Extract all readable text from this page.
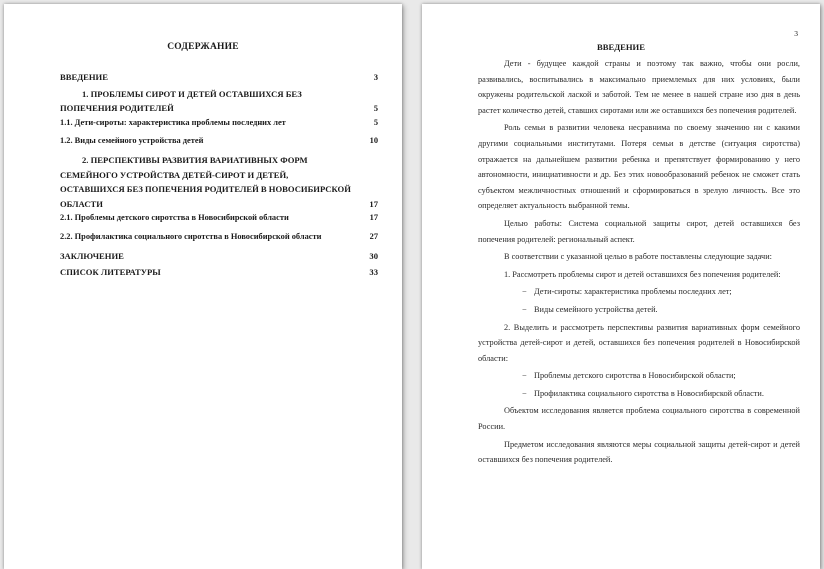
СОДЕРЖАНИЕ
ВВЕДЕНИЕ	3
1. ПРОБЛЕМЫ СИРОТ И ДЕТЕЙ ОСТАВШИХСЯ БЕЗ ПОПЕЧЕНИЯ РОДИТЕЛЕЙ	5
1.1. Дети-сироты: характеристика проблемы последних лет	5
1.2. Виды семейного устройства детей	10
2. ПЕРСПЕКТИВЫ РАЗВИТИЯ ВАРИАТИВНЫХ ФОРМ СЕМЕЙНОГО УСТРОЙСТВА ДЕТЕЙ-СИРОТ И ДЕТЕЙ, ОСТАВШИХСЯ БЕЗ ПОПЕЧЕНИЯ РОДИТЕЛЕЙ В НОВОСИБИРСКОЙ ОБЛАСТИ	17
2.1. Проблемы детского сиротства в Новосибирской области	17
2.2. Профилактика социального сиротства в Новосибирской области	27
ЗАКЛЮЧЕНИЕ	30
СПИСОК ЛИТЕРАТУРЫ	33
3
ВВЕДЕНИЕ

Дети - будущее каждой страны и поэтому так важно, чтобы они росли, развивались, воспитывались в максимально приемлемых для них условиях, были окружены родительской лаской и заботой. Тем не менее в нашей стране изо дня в день растет количество детей, ставших сиротами или же оставшихся без попечения родителей.

Роль семьи в развитии человека несравнима по своему значению ни с какими другими социальными институтами. Потеря семьи в детстве (ситуация сиротства) отражается на дальнейшем развитии ребенка и препятствует формированию у него автономности, инициативности и др. Без этих новообразований ребенок не сможет стать субъектом межличностных отношений и сформироваться в зрелую личность. Все это определяет актуальность выбранной темы.

Целью работы: Система социальной защиты сирот, детей оставшихся без попечения родителей: региональный аспект.

В соответствии с указанной целью в работе поставлены следующие задачи:

1. Рассмотреть проблемы сирот и детей оставшихся без попечения родителей:

− Дети-сироты: характеристика проблемы последних лет;
− Виды семейного устройства детей.

2. Выделить и рассмотреть перспективы развития вариативных форм семейного устройства детей-сирот и детей, оставшихся без попечения родителей в Новосибирской области:

− Проблемы детского сиротства в Новосибирской области;
− Профилактика социального сиротства в Новосибирской области.

Объектом исследования является проблема социального сиротства в современной России.

Предметом исследования являются меры социальной защиты детей-сирот и детей оставшихся без попечения родителей.
